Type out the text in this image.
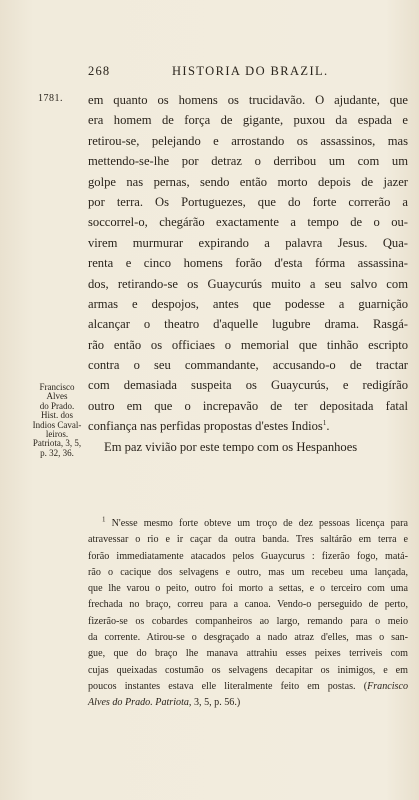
268	HISTORIA DO BRAZIL.
1781.
Francisco
Alves
do Prado.
Hist. dos
Indios Caval-
leiros.
Patriota, 3, 5,
p. 32, 36.
em quanto os homens os trucidavão. O ajudante, que
era homem de força de gigante, puxou da espada e
retirou-se, pelejando e arrostando os assassinos, mas
mettendo-se-lhe por detraz o derribou um com um
golpe nas pernas, sendo então morto depois de jazer
por terra. Os Portuguezes, que do forte correrão a
soccorrel-o, chegárão exactamente a tempo de o ou-
virem murmurar expirando a palavra Jesus. Qua-
renta e cinco homens forão d'esta fórma assassina-
dos, retirando-se os Guaycurús muito a seu salvo com
armas e despojos, antes que podesse a guarnição
alcançar o theatro d'aquelle lugubre drama. Rasgá-
rão então os officiaes o memorial que tinhão escripto
contra o seu commandante, accusando-o de tractar
com demasiada suspeita os Guaycurús, e redigírão
outro em que o increpavão de ter depositada fatal
confiança nas perfidas propostas d'estes Indios$^1$.
Em paz vivião por este tempo com os Hespanhoes
$^1$ N'esse mesmo forte obteve um troço de dez pessoas licença para
atravessar o rio e ir caçar da outra banda. Tres saltárão em terra e
forão immediatamente atacados pelos Guaycurus : fizerão fogo, matá-
rão o cacique dos selvagens e outro, mas um recebeu uma lançada,
que lhe varou o peito, outro foi morto a settas, e o terceiro com uma
frechada no braço, correu para a canoa. Vendo-o perseguido de perto,
fizerão-se os cobardes companheiros ao largo, remando para o meio
da corrente. Atirou-se o desgraçado a nado atraz d'elles, mas o san-
gue, que do braço lhe manava attrahiu esses peixes terriveis com
cujas queixadas costumão os selvagens decapitar os inimigos, e em
poucos instantes estava elle literalmente feito em postas. (Francisco
Alves do Prado. Patriota, 3, 5, p. 56.)
